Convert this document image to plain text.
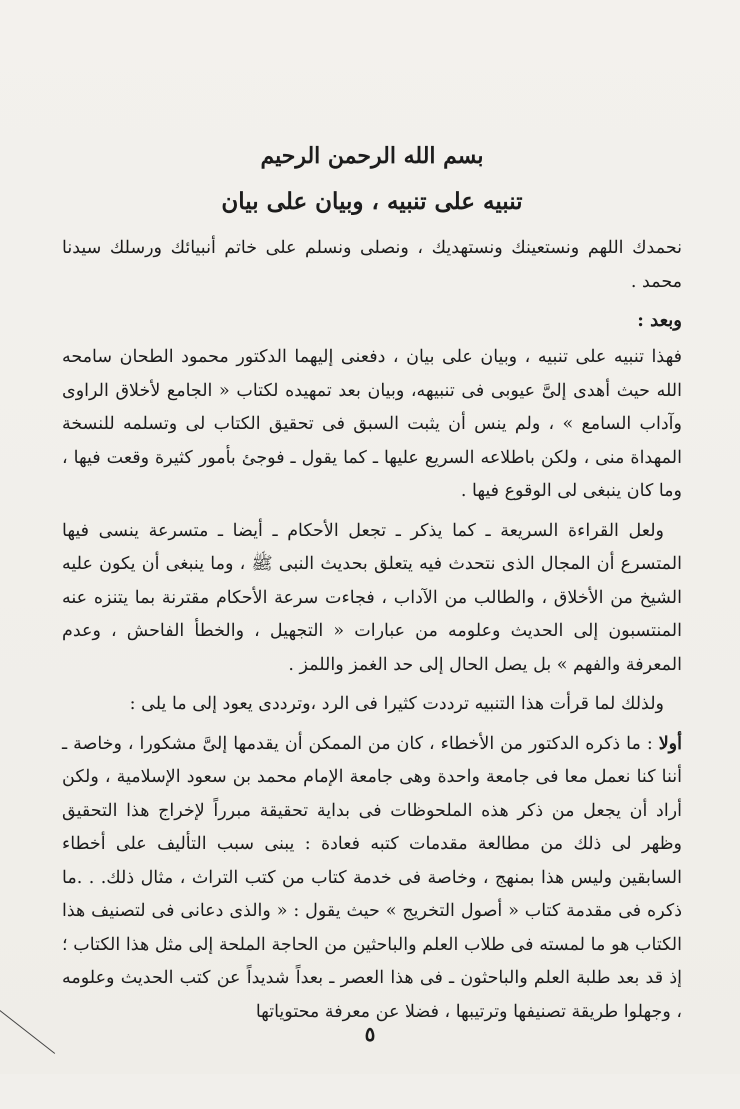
بسم الله الرحمن الرحيم
تنبيه على تنبيه ، وبيان على بيان

نحمدك اللهم ونستعينك ونستهديك ، ونصلى ونسلم على خاتم أنبيائك ورسلك سيدنا محمد .

وبعد :

فهذا تنبيه على تنبيه ، وبيان على بيان ، دفعنى إليهما الدكتور محمود الطحان سامحه الله حيث أهدى إلىَّ عيوبى فى تنبيهه، وبيان بعد تمهيده لكتاب « الجامع لأخلاق الراوى وآداب السامع » ، ولم ينس أن يثبت السبق فى تحقيق الكتاب لى وتسلمه للنسخة المهداة منى ، ولكن باطلاعه السريع عليها ـ كما يقول ـ فوجئ بأمور كثيرة وقعت فيها ، وما كان ينبغى لى الوقوع فيها .

ولعل القراءة السريعة ـ كما يذكر ـ تجعل الأحكام ـ أيضا ـ متسرعة ينسى فيها المتسرع أن المجال الذى نتحدث فيه يتعلق بحديث النبى ﷺ ، وما ينبغى أن يكون عليه الشيخ من الأخلاق ، والطالب من الآداب ، فجاءت سرعة الأحكام مقترنة بما يتنزه عنه المنتسبون إلى الحديث وعلومه من عبارات « التجهيل ، والخطأ الفاحش ، وعدم المعرفة والفهم » بل يصل الحال إلى حد الغمز واللمز .

ولذلك لما قرأت هذا التنبيه ترددت كثيرا فى الرد ،وترددى يعود إلى ما يلى :

أولا : ما ذكره الدكتور من الأخطاء ، كان من الممكن أن يقدمها إلىَّ مشكورا ، وخاصة ـ أننا كنا نعمل معا فى جامعة واحدة وهى جامعة الإمام محمد بن سعود الإسلامية ، ولكن أراد أن يجعل من ذكر هذه الملحوظات فى بداية تحقيقة مبرراً لإخراج هذا التحقيق وظهر لى ذلك من مطالعة مقدمات كتبه فعادة : يبنى سبب التأليف على أخطاء السابقين وليس هذا بمنهج ، وخاصة فى خدمة كتاب من كتب التراث ، مثال ذلك. . .ما ذكره فى مقدمة كتاب « أصول التخريج » حيث يقول : « والذى دعانى فى لتصنيف هذا الكتاب هو ما لمسته فى طلاب العلم والباحثين من الحاجة الملحة إلى مثل هذا الكتاب ؛ إذ قد بعد طلبة العلم والباحثون ـ فى هذا العصر ـ بعداً شديداً عن كتب الحديث وعلومه ، وجهلوا طريقة تصنيفها وترتيبها ، فضلا عن معرفة محتوياتها

٥
